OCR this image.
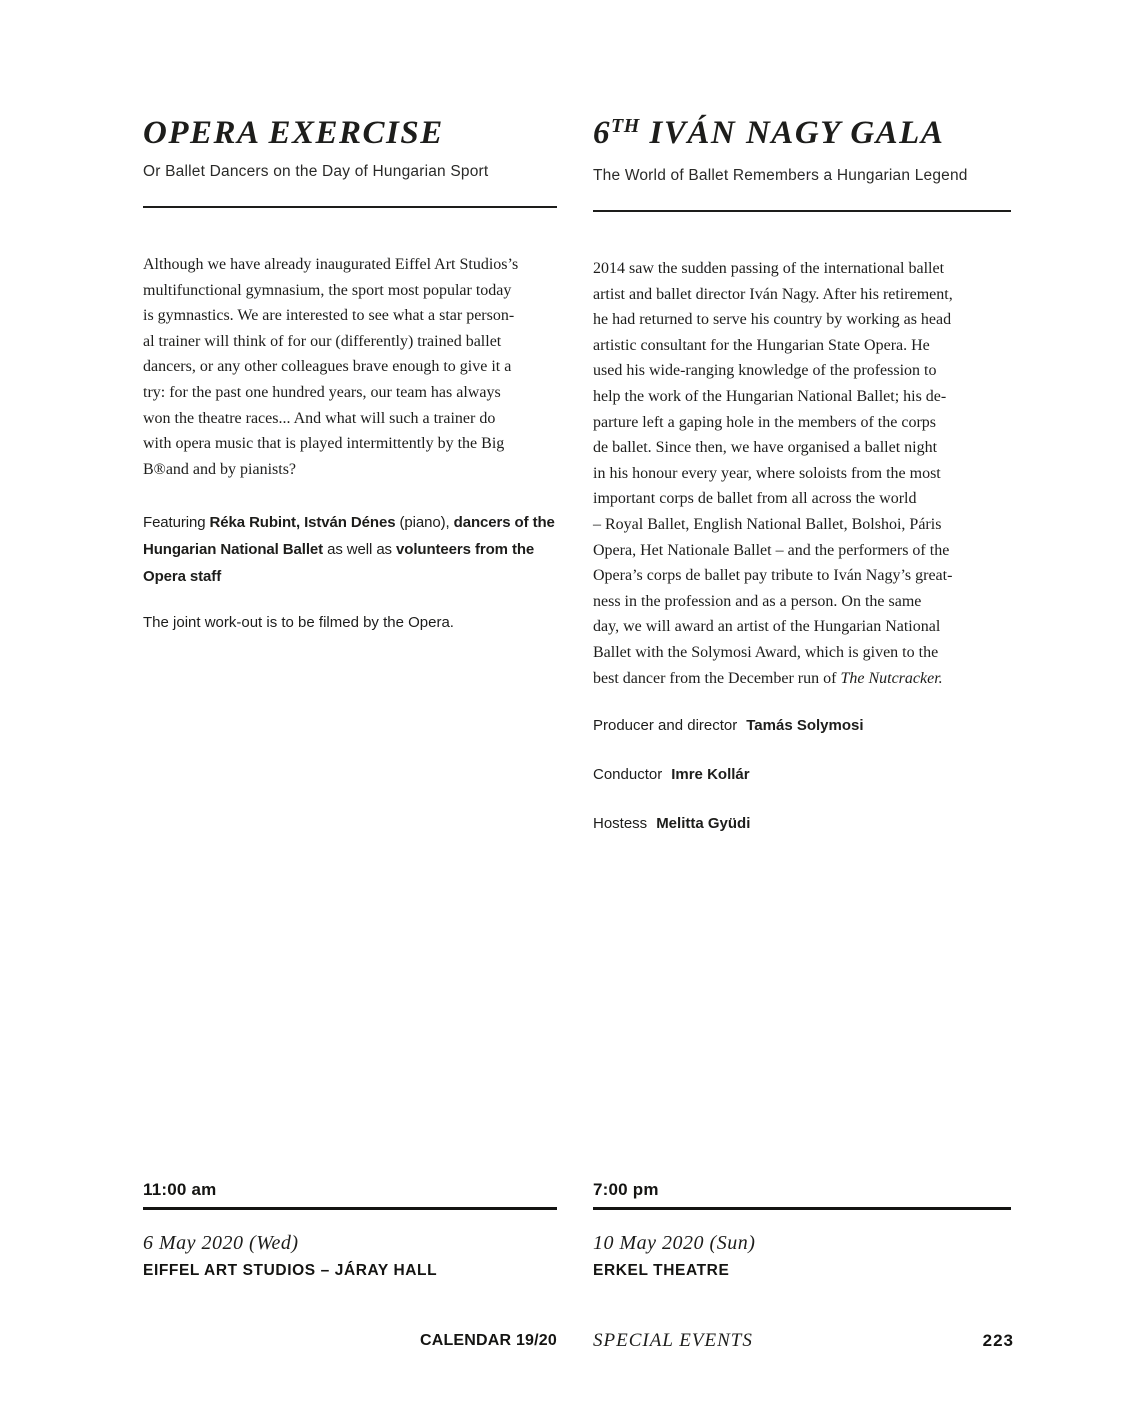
OPERA EXERCISE
Or Ballet Dancers on the Day of Hungarian Sport
Although we have already inaugurated Eiffel Art Studios’s
multifunctional gymnasium, the sport most popular today
is gymnastics. We are interested to see what a star person-
al trainer will think of for our (differently) trained ballet
dancers, or any other colleagues brave enough to give it a
try: for the past one hundred years, our team has always
won the theatre races... And what will such a trainer do
with opera music that is played intermittently by the Big
B®and and by pianists?
Featuring Réka Rubint, István Dénes (piano), dancers of the Hungarian National Ballet as well as volunteers from the Opera staff
The joint work-out is to be filmed by the Opera.
6TH IVÁN NAGY GALA
The World of Ballet Remembers a Hungarian Legend
2014 saw the sudden passing of the international ballet
artist and ballet director Iván Nagy. After his retirement,
he had returned to serve his country by working as head
artistic consultant for the Hungarian State Opera. He
used his wide-ranging knowledge of the profession to
help the work of the Hungarian National Ballet; his de-
parture left a gaping hole in the members of the corps
de ballet. Since then, we have organised a ballet night
in his honour every year, where soloists from the most
important corps de ballet from all across the world
– Royal Ballet, English National Ballet, Bolshoi, Páris
Opera, Het Nationale Ballet – and the performers of the
Opera’s corps de ballet pay tribute to Iván Nagy’s great-
ness in the profession and as a person. On the same
day, we will award an artist of the Hungarian National
Ballet with the Solymosi Award, which is given to the
best dancer from the December run of The Nutcracker.
Producer and director Tamás Solymosi
Conductor Imre Kollár
Hostess Melitta Gyüdi
11:00 am
6 May 2020 (Wed)
EIFFEL ART STUDIOS – JÁRAY HALL
7:00 pm
10 May 2020 (Sun)
ERKEL THEATRE
CALENDAR 19/20 SPECIAL EVENTS	223
